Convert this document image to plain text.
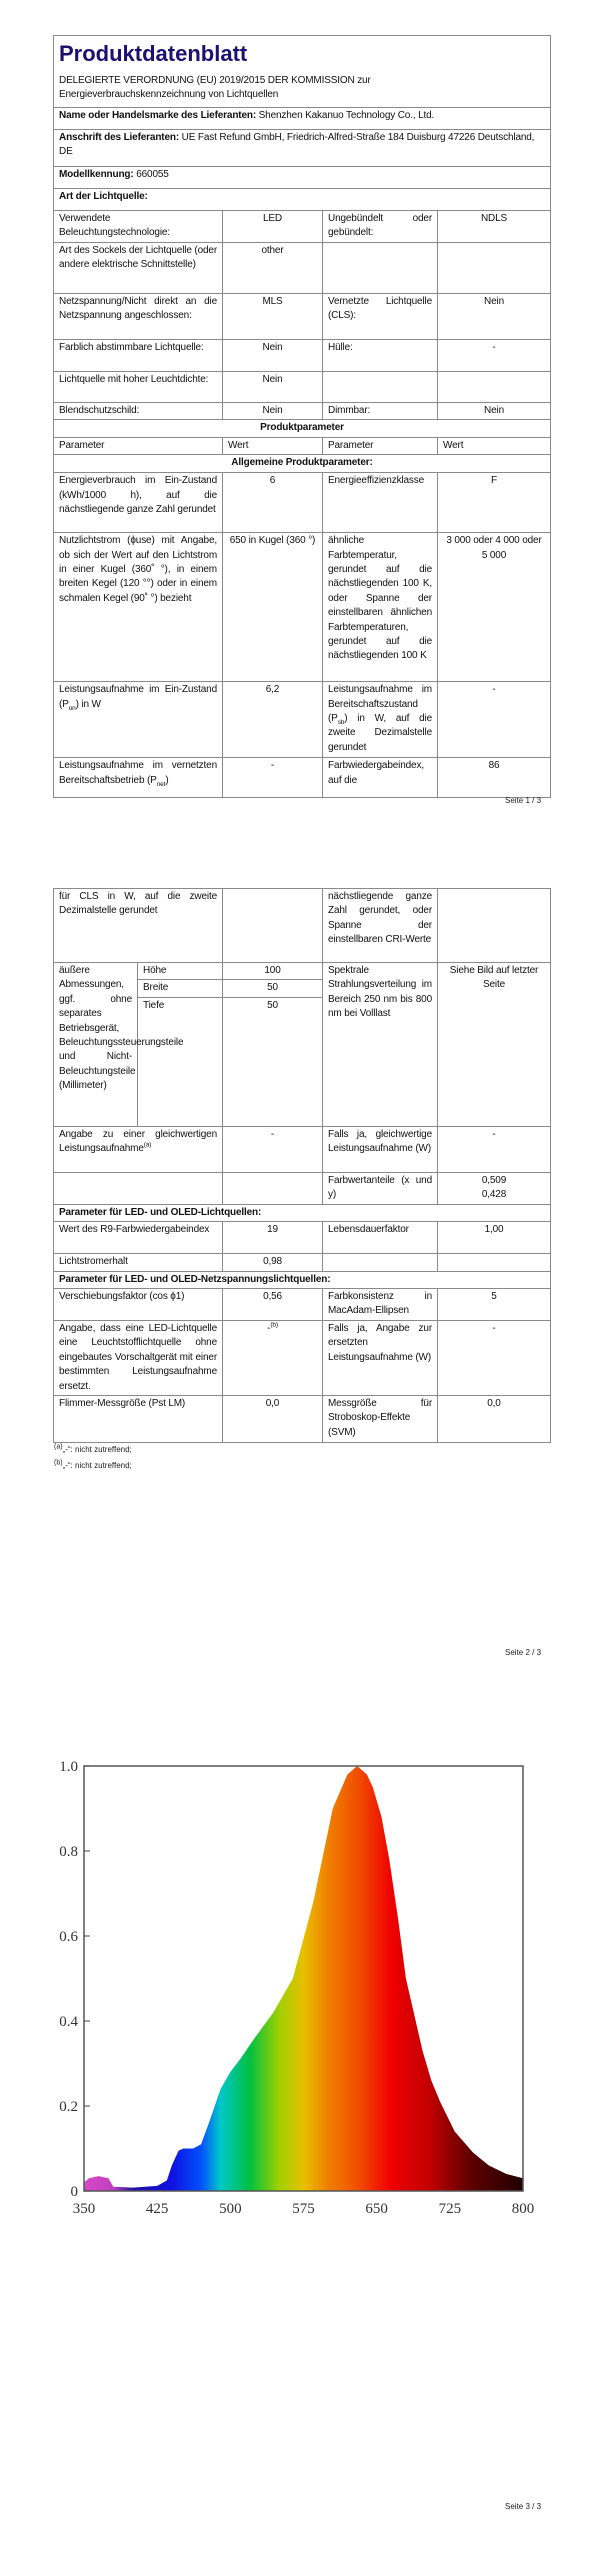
Produktdatenblatt
DELEGIERTE VERORDNUNG (EU) 2019/2015 DER KOMMISSION zur
Energieverbrauchskennzeichnung von Lichtquellen			

Name oder Handelsmarke des Lieferanten: Shenzhen Kakanuo Technology Co., Ltd.			
Anschrift des Lieferanten: UE Fast Refund GmbH, Friedrich-Alfred-Straße 184 Duisburg 47226 Deutschland, DE			
Modellkennung: 660055			
Art der Lichtquelle:			
Verwendete Beleuchtungstechnologie:	LED	Ungebündelt oder gebündelt:	NDLS
Art des Sockels der Lichtquelle (oder andere elektrische Schnittstelle)	other		
Netzspannung/Nicht direkt an die Netzspannung angeschlossen:	MLS	Vernetzte Lichtquelle (CLS):	Nein
Farblich abstimmbare Lichtquelle:	Nein	Hülle:	-
Lichtquelle mit hoher Leuchtdichte:	Nein		
Blendschutzschild:	Nein	Dimmbar:	Nein
Produktparameter			
Parameter	Wert	Parameter	Wert
Allgemeine Produktparameter:			
Energieverbrauch im Ein-Zustand (kWh/1000 h), auf die nächstliegende ganze Zahl gerundet	6	Energieeffizienzklasse	F
Nutzlichtstrom (ϕuse) mit Angabe, ob sich der Wert auf den Lichtstrom in einer Kugel (360˚ °), in einem breiten Kegel (120 °°) oder in einem schmalen Kegel (90˚ °) bezieht	650 in Kugel (360 °)	ähnliche Farbtemperatur, gerundet auf die nächstliegenden 100 K, oder Spanne der einstellbaren ähnlichen Farbtemperaturen, gerundet auf die nächstliegenden 100 K	3 000 oder 4 000 oder 5 000
Leistungsaufnahme im Ein-Zustand $(P_{on})$ in W	6,2	Leistungsaufnahme im Bereitschaftszustand $(P_{sb})$ in W, auf die zweite Dezimalstelle gerundet	-
Leistungsaufnahme im vernetzten Bereitschaftsbetrieb $(P_{net})$	-	Farbwiedergabeindex, auf die	86
Seite 1 / 3
für CLS in W, auf die zweite Dezimalstelle gerundet			nächstliegende ganze Zahl gerundet, oder Spanne der einstellbaren CRI-Werte	
äußere Abmessungen, ggf. ohne separates Betriebsgerät, Beleuchtungssteuerungsteile und Nicht-Beleuchtungsteile (Millimeter)	Höhe	100	Spektrale Strahlungsverteilung im Bereich 250 nm bis 800 nm bei Volllast	Siehe Bild auf letzter Seite
	Breite	50		
	Tiefe	50		
Angabe zu einer gleichwertigen Leistungsaufnahme$^{(a)}$		-	Falls ja, gleichwertige Leistungsaufnahme (W)	-
			Farbwertanteile (x und y)	0,509
0,428
Parameter für LED- und OLED-Lichtquellen:				
Wert des R9-Farbwiedergabeindex		19	Lebensdauerfaktor	1,00
Lichtstromerhalt		0,98		
Parameter für LED- und OLED-Netzspannungslichtquellen:				
Verschiebungsfaktor (cos ϕ1)		0,56	Farbkonsistenz in MacAdam-Ellipsen	5
Angabe, dass eine LED-Lichtquelle eine Leuchtstofflichtquelle ohne eingebautes Vorschaltgerät mit einer bestimmten Leistungsaufnahme ersetzt.		-$^{(b)}$	Falls ja, Angabe zur ersetzten Leistungsaufnahme (W)	-
Flimmer-Messgröße (Pst LM)		0,0	Messgröße für Stroboskop-Effekte (SVM)	0,0
$^{(a)}$„-“: nicht zutreffend;
$^{(b)}$„-“: nicht zutreffend;
Seite 2 / 3
350	425	500	575	650	725	800
0
0.2
0.4
0.6
0.8
1.0
Seite 3 / 3
